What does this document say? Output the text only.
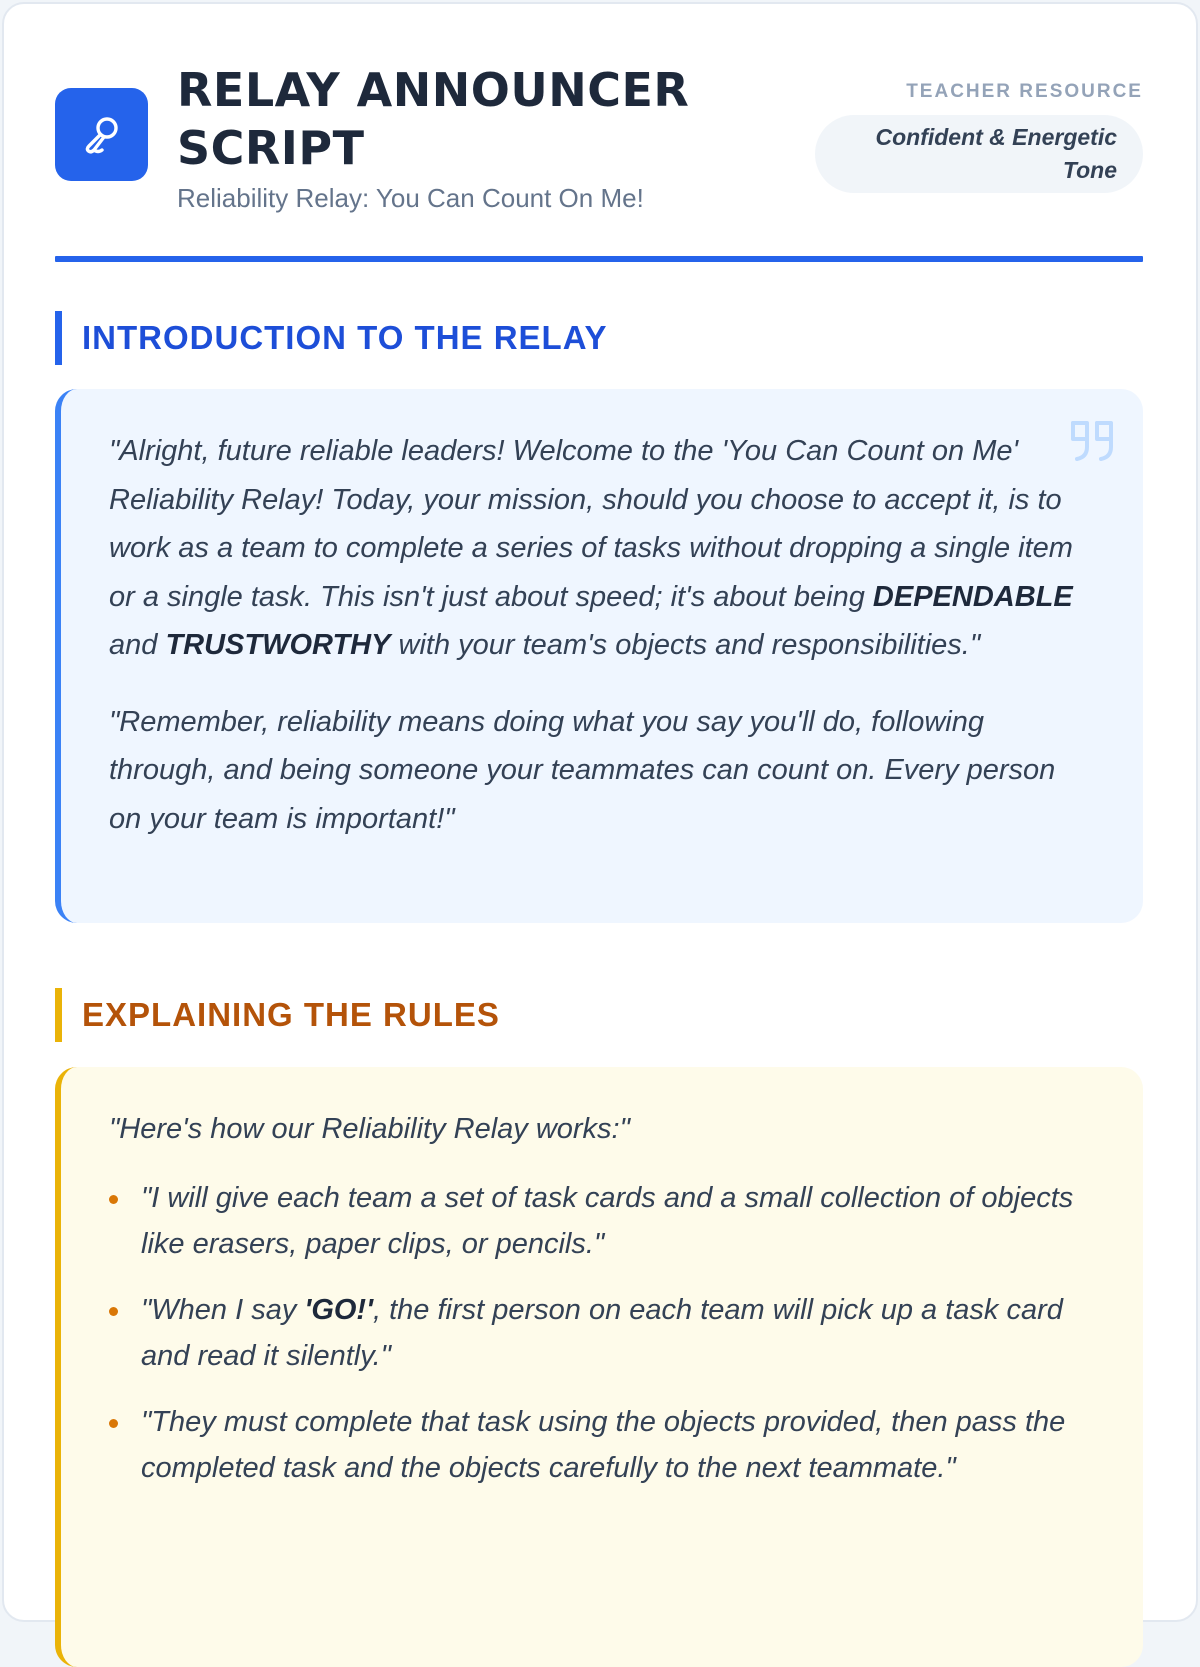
RELAY ANNOUNCER SCRIPT
Reliability Relay: You Can Count On Me!
TEACHER RESOURCE
Confident & Energetic Tone
INTRODUCTION TO THE RELAY

"Alright, future reliable leaders! Welcome to the 'You Can Count on Me' Reliability Relay! Today, your mission, should you choose to accept it, is to work as a team to complete a series of tasks without dropping a single item or a single task. This isn't just about speed; it's about being DEPENDABLE and TRUSTWORTHY with your team's objects and responsibilities."

"Remember, reliability means doing what you say you'll do, following through, and being someone your teammates can count on. Every person on your team is important!"

EXPLAINING THE RULES

"Here's how our Reliability Relay works:"

"I will give each team a set of task cards and a small collection of objects like erasers, paper clips, or pencils."
"When I say 'GO!', the first person on each team will pick up a task card and read it silently."
"They must complete that task using the objects provided, then pass the completed task and the objects carefully to the next teammate."
